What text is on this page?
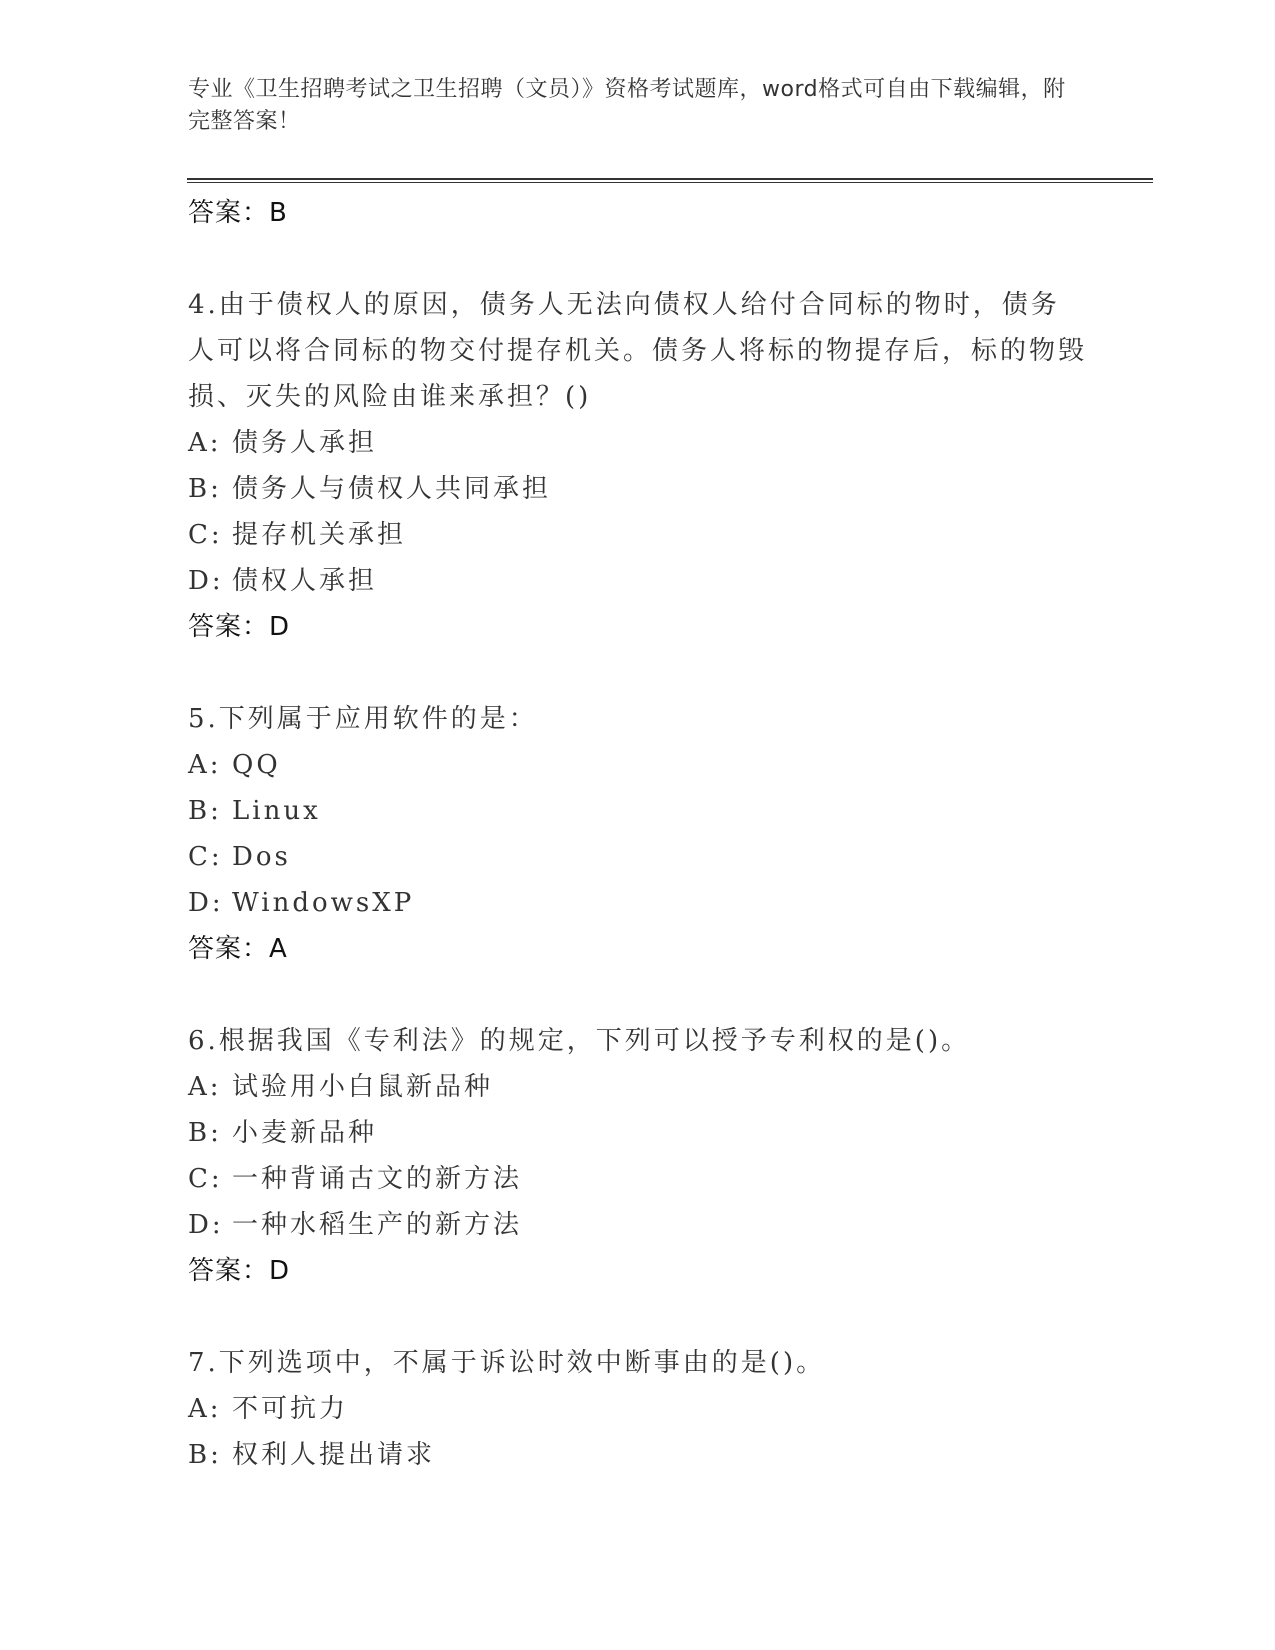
专业《卫生招聘考试之卫生招聘（文员）》资格考试题库，word格式可自由下载编辑，附完整答案！
答案：B
4.由于债权人的原因，债务人无法向债权人给付合同标的物时，债务人可以将合同标的物交付提存机关。债务人将标的物提存后，标的物毁损、灭失的风险由谁来承担？()
A: 债务人承担
B: 债务人与债权人共同承担
C: 提存机关承担
D: 债权人承担
答案：D
5.下列属于应用软件的是：
A: QQ
B: Linux
C: Dos
D: WindowsXP
答案：A
6.根据我国《专利法》的规定，下列可以授予专利权的是()。
A: 试验用小白鼠新品种
B: 小麦新品种
C: 一种背诵古文的新方法
D: 一种水稻生产的新方法
答案：D
7.下列选项中，不属于诉讼时效中断事由的是()。
A: 不可抗力
B: 权利人提出请求
